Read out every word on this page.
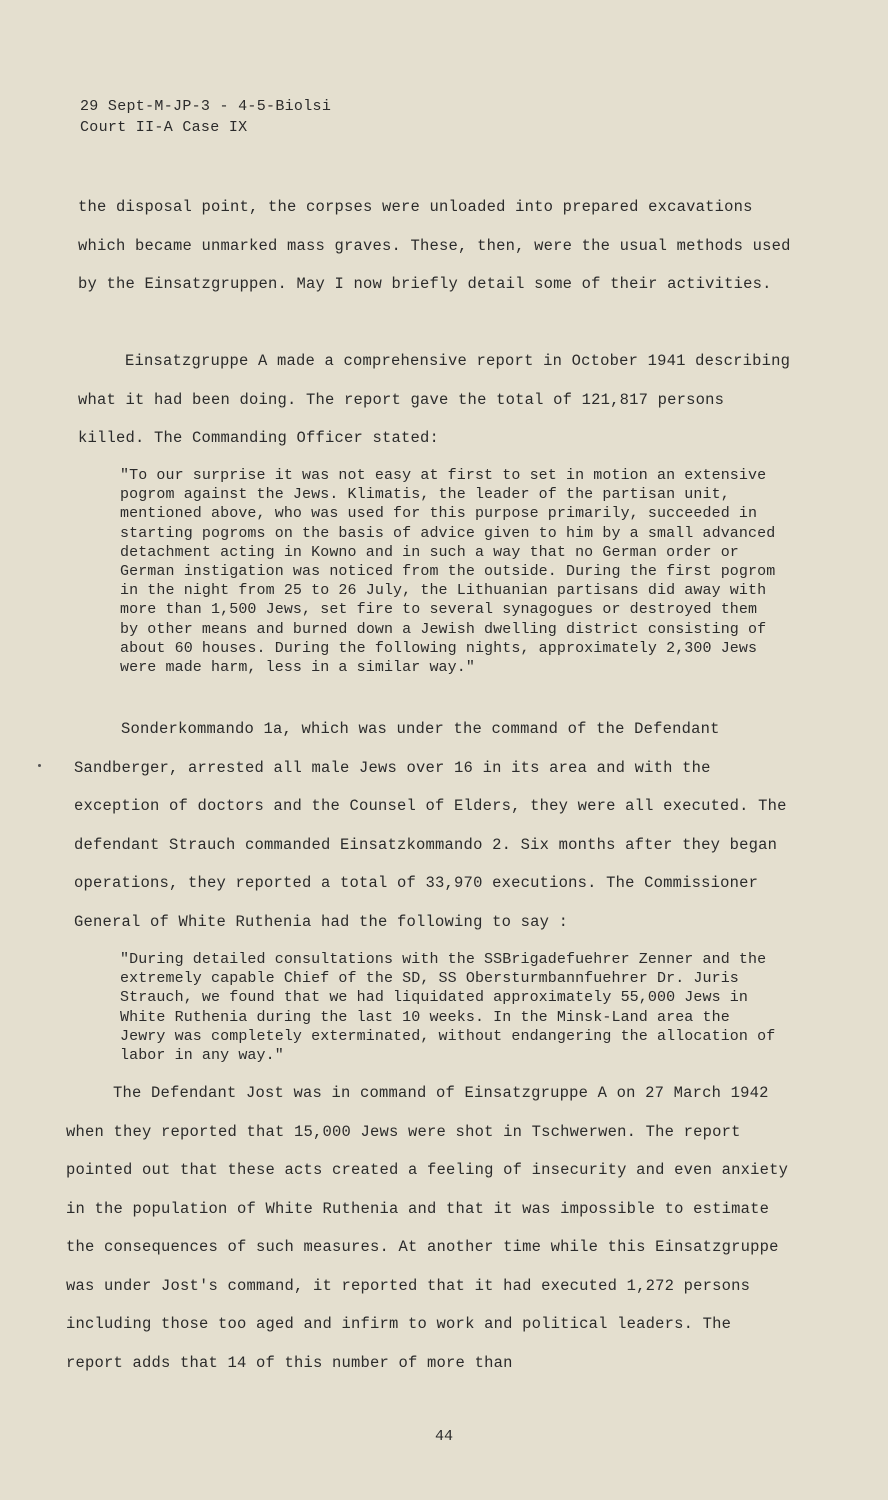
29 Sept-M-JP-3 - 4-5-Biolsi
Court II-A Case IX

the disposal point, the corpses were unloaded into prepared excavations which became unmarked mass graves. These, then, were the usual methods used by the Einsatzgruppen. May I now briefly detail some of their activities.

Einsatzgruppe A made a comprehensive report in October 1941 describing what it had been doing. The report gave the total of 121,817 persons killed. The Commanding Officer stated:

"To our surprise it was not easy at first to set in motion an extensive pogrom against the Jews. Klimatis, the leader of the partisan unit, mentioned above, who was used for this purpose primarily, succeeded in starting pogroms on the basis of advice given to him by a small advanced detachment acting in Kowno and in such a way that no German order or German instigation was noticed from the outside. During the first pogrom in the night from 25 to 26 July, the Lithuanian partisans did away with more than 1,500 Jews, set fire to several synagogues or destroyed them by other means and burned down a Jewish dwelling district consisting of about 60 houses. During the following nights, approximately 2,300 Jews were made harm, less in a similar way."

Sonderkommando 1a, which was under the command of the Defendant Sandberger, arrested all male Jews over 16 in its area and with the exception of doctors and the Counsel of Elders, they were all executed. The defendant Strauch commanded Einsatzkommando 2. Six months after they began operations, they reported a total of 33,970 executions. The Commissioner General of White Ruthenia had the following to say :

"During detailed consultations with the SSBrigadefuehrer Zenner and the extremely capable Chief of the SD, SS Obersturmbannfuehrer Dr. Juris Strauch, we found that we had liquidated approximately 55,000 Jews in White Ruthenia during the last 10 weeks. In the Minsk-Land area the Jewry was completely exterminated, without endangering the allocation of labor in any way."

The Defendant Jost was in command of Einsatzgruppe A on 27 March 1942 when they reported that 15,000 Jews were shot in Tschwerwen. The report pointed out that these acts created a feeling of insecurity and even anxiety in the population of White Ruthenia and that it was impossible to estimate the consequences of such measures. At another time while this Einsatzgruppe was under Jost's command, it reported that it had executed 1,272 persons including those too aged and infirm to work and political leaders. The report adds that 14 of this number of more than

44
